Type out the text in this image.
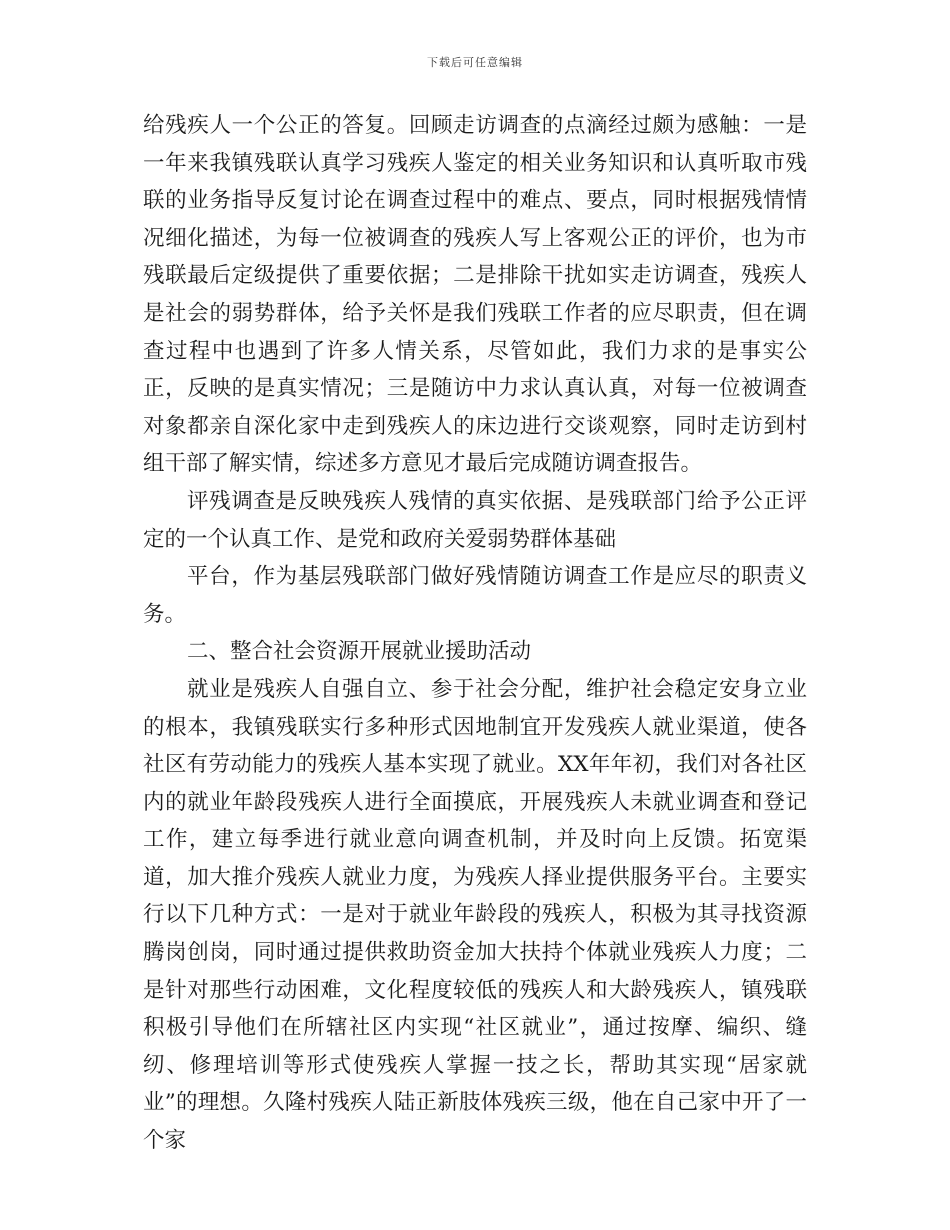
下载后可任意编辑

给残疾人一个公正的答复。回顾走访调查的点滴经过颇为感触：一是一年来我镇残联认真学习残疾人鉴定的相关业务知识和认真听取市残联的业务指导反复讨论在调查过程中的难点、要点，同时根据残情情况细化描述，为每一位被调查的残疾人写上客观公正的评价，也为市残联最后定级提供了重要依据；二是排除干扰如实走访调查，残疾人是社会的弱势群体，给予关怀是我们残联工作者的应尽职责，但在调查过程中也遇到了许多人情关系，尽管如此，我们力求的是事实公正，反映的是真实情况；三是随访中力求认真认真，对每一位被调查对象都亲自深化家中走到残疾人的床边进行交谈观察，同时走访到村组干部了解实情，综述多方意见才最后完成随访调查报告。

评残调查是反映残疾人残情的真实依据、是残联部门给予公正评定的一个认真工作、是党和政府关爱弱势群体基础

平台，作为基层残联部门做好残情随访调查工作是应尽的职责义务。

二、整合社会资源开展就业援助活动

就业是残疾人自强自立、参于社会分配，维护社会稳定安身立业的根本，我镇残联实行多种形式因地制宜开发残疾人就业渠道，使各社区有劳动能力的残疾人基本实现了就业。XX年年初，我们对各社区内的就业年龄段残疾人进行全面摸底，开展残疾人未就业调查和登记工作，建立每季进行就业意向调查机制，并及时向上反馈。拓宽渠道，加大推介残疾人就业力度，为残疾人择业提供服务平台。主要实行以下几种方式：一是对于就业年龄段的残疾人，积极为其寻找资源腾岗创岗，同时通过提供救助资金加大扶持个体就业残疾人力度；二是针对那些行动困难，文化程度较低的残疾人和大龄残疾人，镇残联积极引导他们在所辖社区内实现“社区就业”，通过按摩、编织、缝纫、修理培训等形式使残疾人掌握一技之长，帮助其实现“居家就业”的理想。久隆村残疾人陆正新肢体残疾三级，他在自己家中开了一个家
